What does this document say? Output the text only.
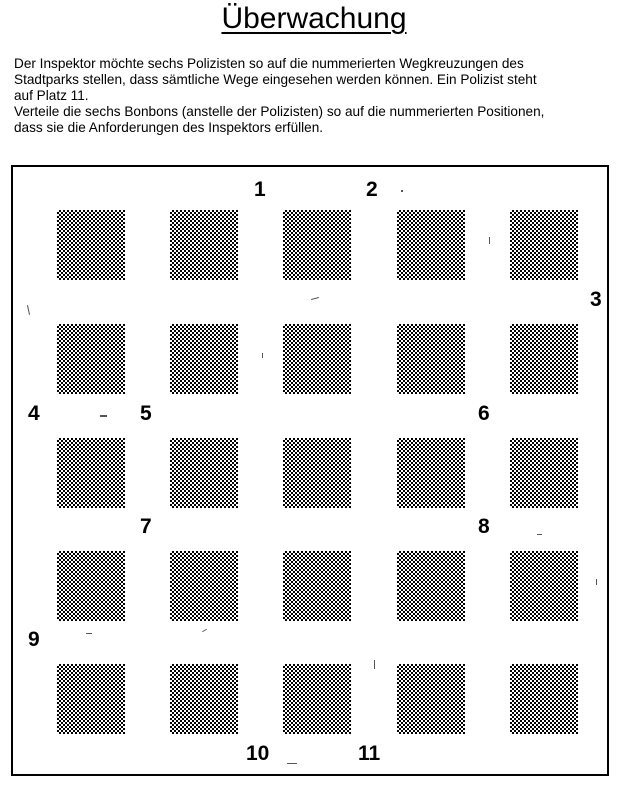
Überwachung

Der Inspektor möchte sechs Polizisten so auf die nummerierten Wegkreuzungen des

Stadtparks stellen, dass sämtliche Wege eingesehen werden können. Ein Polizist steht

auf Platz 11.

Verteile die sechs Bonbons (anstelle der Polizisten) so auf die nummerierten Positionen,

dass sie die Anforderungen des Inspektors erfüllen.

1	2
3
4	5	6
7	8
9
10	11
